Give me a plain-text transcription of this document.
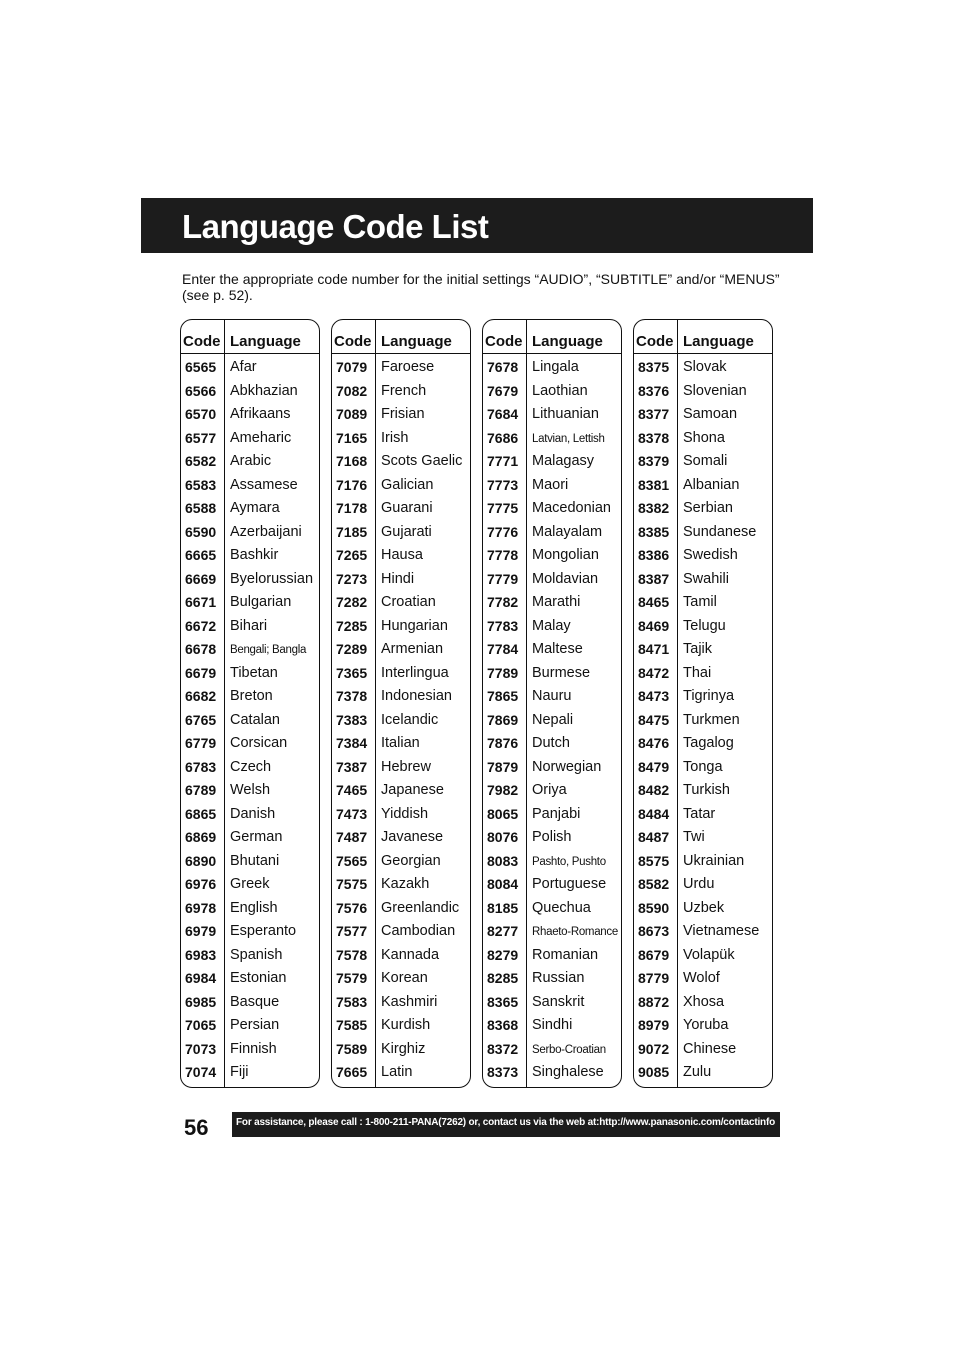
Language Code List
Enter the appropriate code number for the initial settings “AUDIO”, “SUBTITLE” and/or “MENUS” (see p. 52).
Code Language
6565 Afar
6566 Abkhazian
6570 Afrikaans
6577 Ameharic
6582 Arabic
6583 Assamese
6588 Aymara
6590 Azerbaijani
6665 Bashkir
6669 Byelorussian
6671 Bulgarian
6672 Bihari
6678 Bengali; Bangla
6679 Tibetan
6682 Breton
6765 Catalan
6779 Corsican
6783 Czech
6789 Welsh
6865 Danish
6869 German
6890 Bhutani
6976 Greek
6978 English
6979 Esperanto
6983 Spanish
6984 Estonian
6985 Basque
7065 Persian
7073 Finnish
7074 Fiji
Code Language
7079 Faroese
7082 French
7089 Frisian
7165 Irish
7168 Scots Gaelic
7176 Galician
7178 Guarani
7185 Gujarati
7265 Hausa
7273 Hindi
7282 Croatian
7285 Hungarian
7289 Armenian
7365 Interlingua
7378 Indonesian
7383 Icelandic
7384 Italian
7387 Hebrew
7465 Japanese
7473 Yiddish
7487 Javanese
7565 Georgian
7575 Kazakh
7576 Greenlandic
7577 Cambodian
7578 Kannada
7579 Korean
7583 Kashmiri
7585 Kurdish
7589 Kirghiz
7665 Latin
Code Language
7678 Lingala
7679 Laothian
7684 Lithuanian
7686 Latvian, Lettish
7771 Malagasy
7773 Maori
7775 Macedonian
7776 Malayalam
7778 Mongolian
7779 Moldavian
7782 Marathi
7783 Malay
7784 Maltese
7789 Burmese
7865 Nauru
7869 Nepali
7876 Dutch
7879 Norwegian
7982 Oriya
8065 Panjabi
8076 Polish
8083 Pashto, Pushto
8084 Portuguese
8185 Quechua
8277 Rhaeto-Romance
8279 Romanian
8285 Russian
8365 Sanskrit
8368 Sindhi
8372 Serbo-Croatian
8373 Singhalese
Code Language
8375 Slovak
8376 Slovenian
8377 Samoan
8378 Shona
8379 Somali
8381 Albanian
8382 Serbian
8385 Sundanese
8386 Swedish
8387 Swahili
8465 Tamil
8469 Telugu
8471 Tajik
8472 Thai
8473 Tigrinya
8475 Turkmen
8476 Tagalog
8479 Tonga
8482 Turkish
8484 Tatar
8487 Twi
8575 Ukrainian
8582 Urdu
8590 Uzbek
8673 Vietnamese
8679 Volapük
8779 Wolof
8872 Xhosa
8979 Yoruba
9072 Chinese
9085 Zulu
56	For assistance, please call : 1-800-211-PANA(7262) or, contact us via the web at:http://www.panasonic.com/contactinfo
